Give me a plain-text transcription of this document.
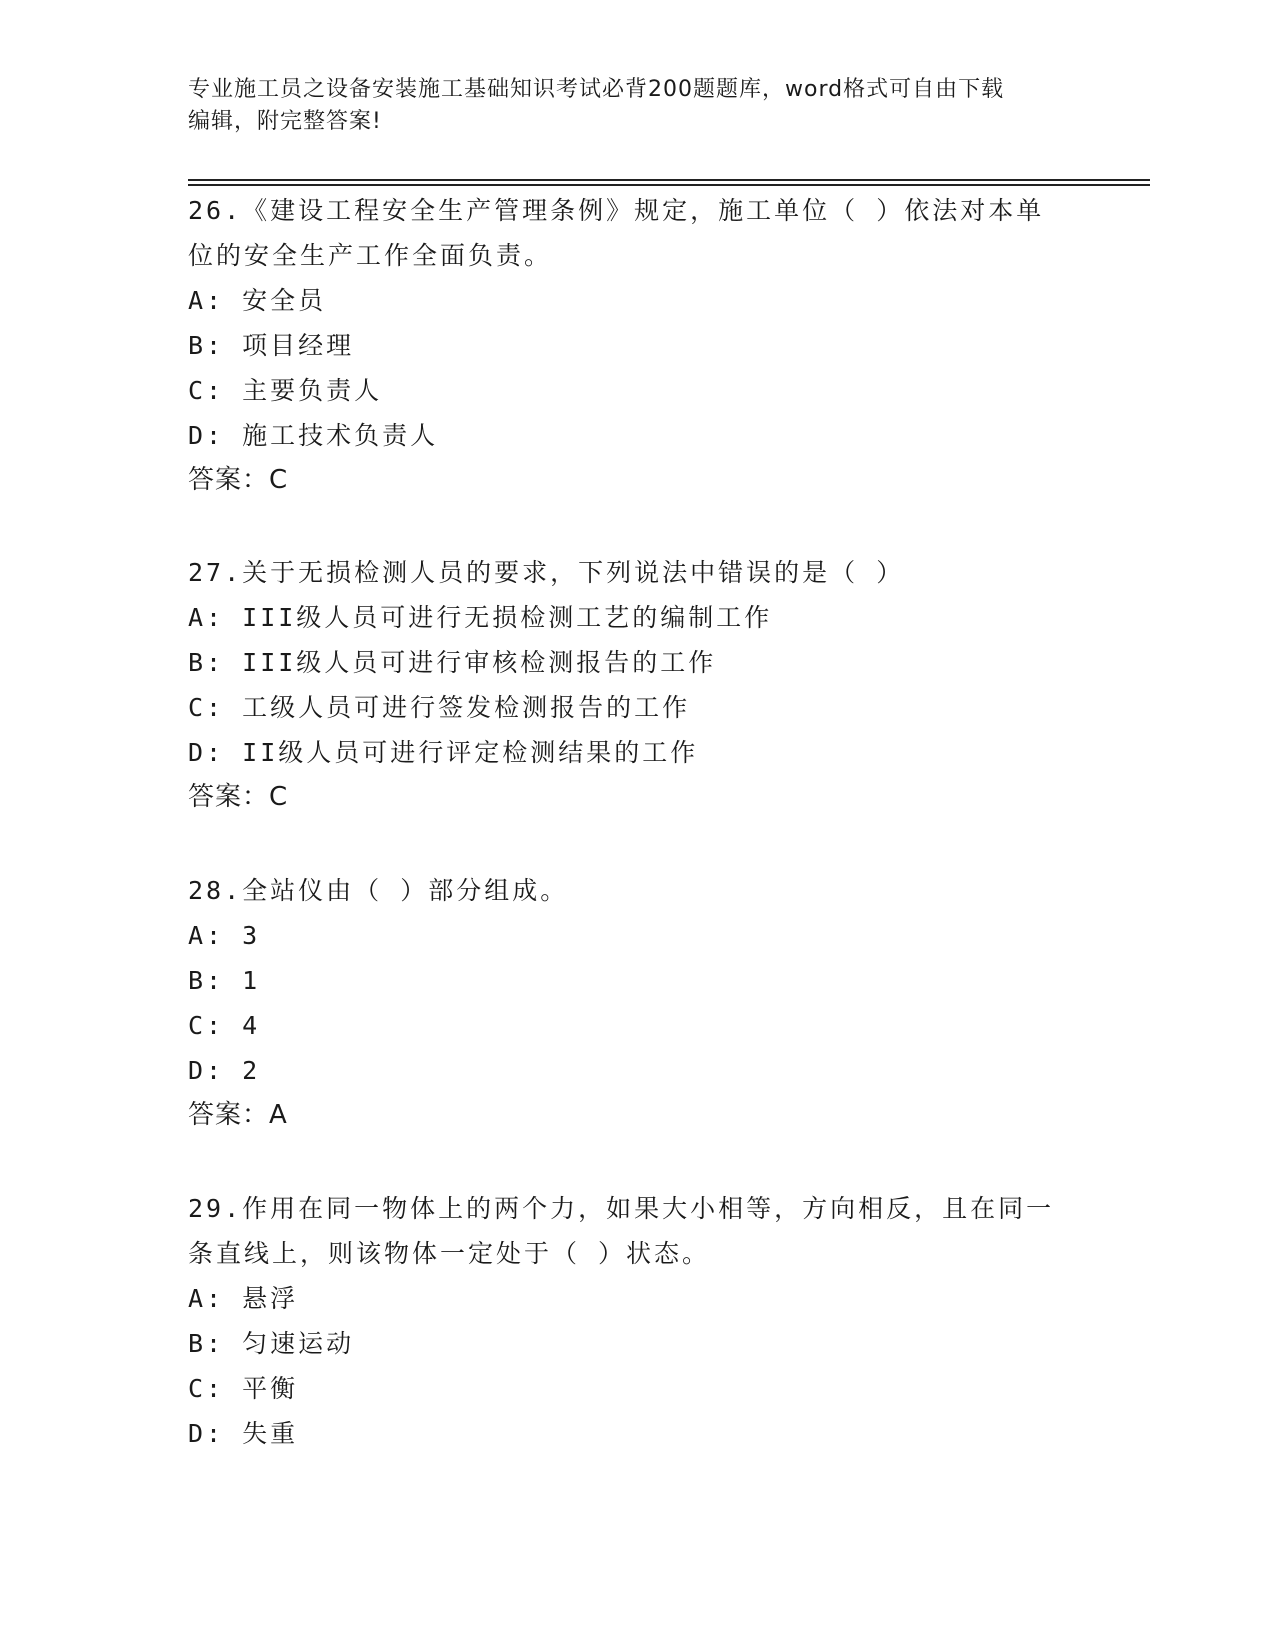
专业施工员之设备安装施工基础知识考试必背200题题库，word格式可自由下载
编辑，附完整答案!
26.《建设工程安全生产管理条例》规定，施工单位（ ）依法对本单
位的安全生产工作全面负责。
A: 安全员
B: 项目经理
C: 主要负责人
D: 施工技术负责人
答案：C
27.关于无损检测人员的要求，下列说法中错误的是（ ）
A: III级人员可进行无损检测工艺的编制工作
B: III级人员可进行审核检测报告的工作
C: 工级人员可进行签发检测报告的工作
D: II级人员可进行评定检测结果的工作
答案：C
28.全站仪由（ ）部分组成。
A: 3
B: 1
C: 4
D: 2
答案：A
29.作用在同一物体上的两个力，如果大小相等，方向相反，且在同一
条直线上，则该物体一定处于（ ）状态。
A: 悬浮
B: 匀速运动
C: 平衡
D: 失重
